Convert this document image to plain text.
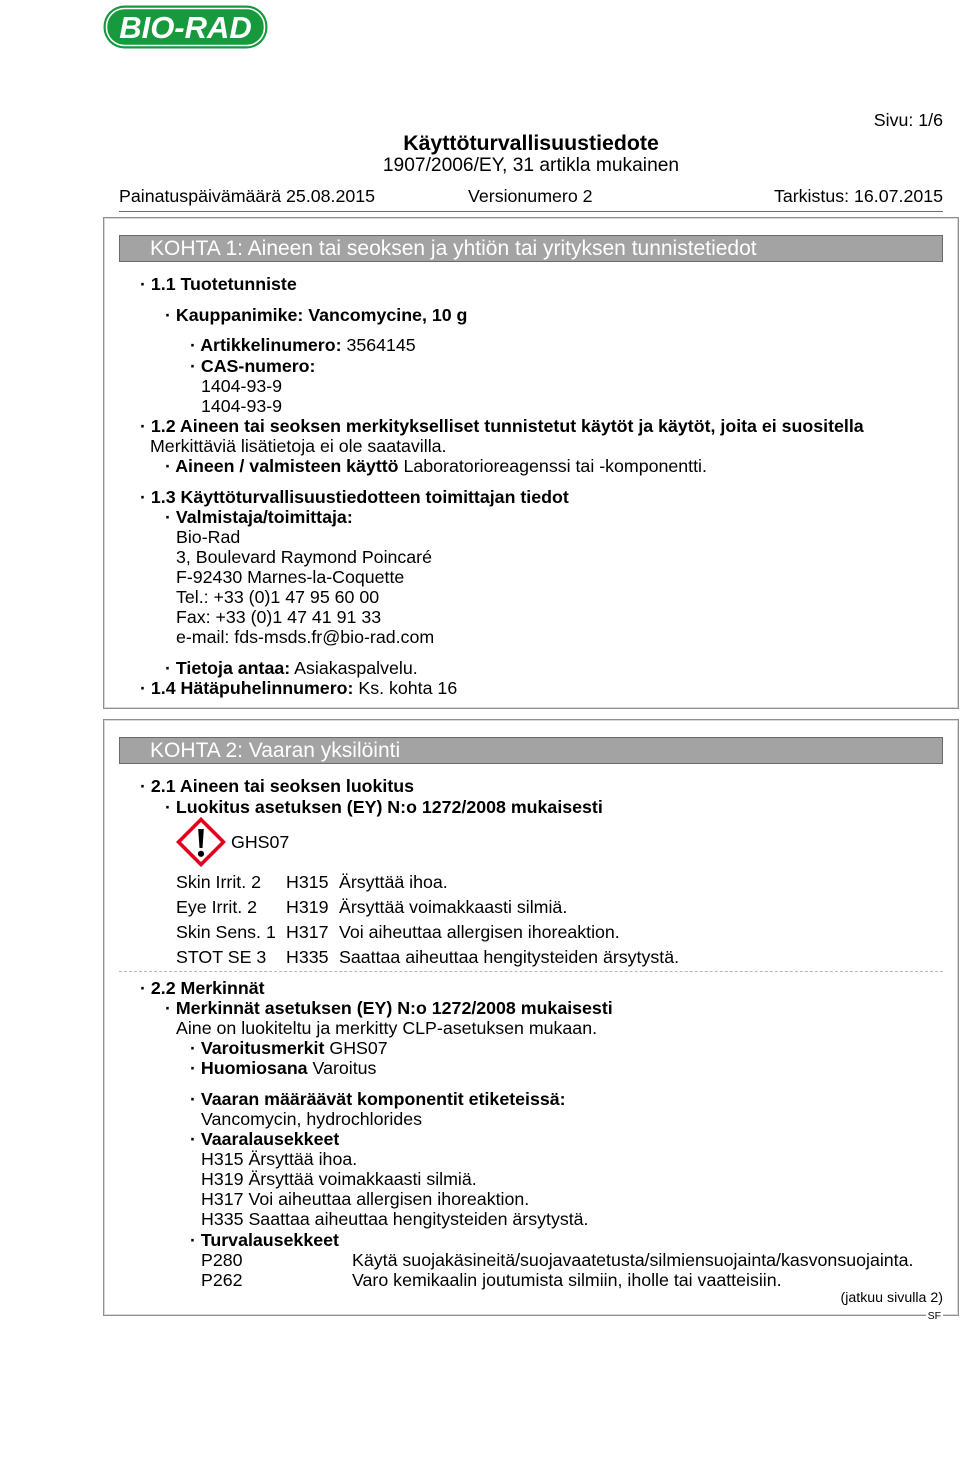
BIO-RAD
Sivu: 1/6
Käyttöturvallisuustiedote
1907/2006/EY, 31 artikla mukainen
Painatuspäivämäärä 25.08.2015	Versionumero 2	Tarkistus: 16.07.2015
KOHTA 1: Aineen tai seoksen ja yhtiön tai yrityksen tunnistetiedot
· 1.1 Tuotetunniste
· Kauppanimike: Vancomycine, 10 g
· Artikkelinumero: 3564145
· CAS-numero:
1404-93-9
1404-93-9
· 1.2 Aineen tai seoksen merkitykselliset tunnistetut käytöt ja käytöt, joita ei suositella
Merkittäviä lisätietoja ei ole saatavilla.
· Aineen / valmisteen käyttö Laboratorioreagenssi tai -komponentti.
· 1.3 Käyttöturvallisuustiedotteen toimittajan tiedot
· Valmistaja/toimittaja:
Bio-Rad
3, Boulevard Raymond Poincaré
F-92430 Marnes-la-Coquette
Tel.: +33 (0)1 47 95 60 00
Fax: +33 (0)1 47 41 91 33
e-mail: fds-msds.fr@bio-rad.com
· Tietoja antaa: Asiakaspalvelu.
· 1.4 Hätäpuhelinnumero: Ks. kohta 16
KOHTA 2: Vaaran yksilöinti
· 2.1 Aineen tai seoksen luokitus
· Luokitus asetuksen (EY) N:o 1272/2008 mukaisesti
GHS07
Skin Irrit. 2 H315 Ärsyttää ihoa.
Eye Irrit. 2 H319 Ärsyttää voimakkaasti silmiä.
Skin Sens. 1 H317 Voi aiheuttaa allergisen ihoreaktion.
STOT SE 3 H335 Saattaa aiheuttaa hengitysteiden ärsytystä.
· 2.2 Merkinnät
· Merkinnät asetuksen (EY) N:o 1272/2008 mukaisesti
Aine on luokiteltu ja merkitty CLP-asetuksen mukaan.
· Varoitusmerkit GHS07
· Huomiosana Varoitus
· Vaaran määräävät komponentit etiketeissä:
Vancomycin, hydrochlorides
· Vaaralausekkeet
H315 Ärsyttää ihoa.
H319 Ärsyttää voimakkaasti silmiä.
H317 Voi aiheuttaa allergisen ihoreaktion.
H335 Saattaa aiheuttaa hengitysteiden ärsytystä.
· Turvalausekkeet
P280	Käytä suojakäsineitä/suojavaatetusta/silmiensuojainta/kasvonsuojainta.
P262	Varo kemikaalin joutumista silmiin, iholle tai vaatteisiin.
(jatkuu sivulla 2)
SF
